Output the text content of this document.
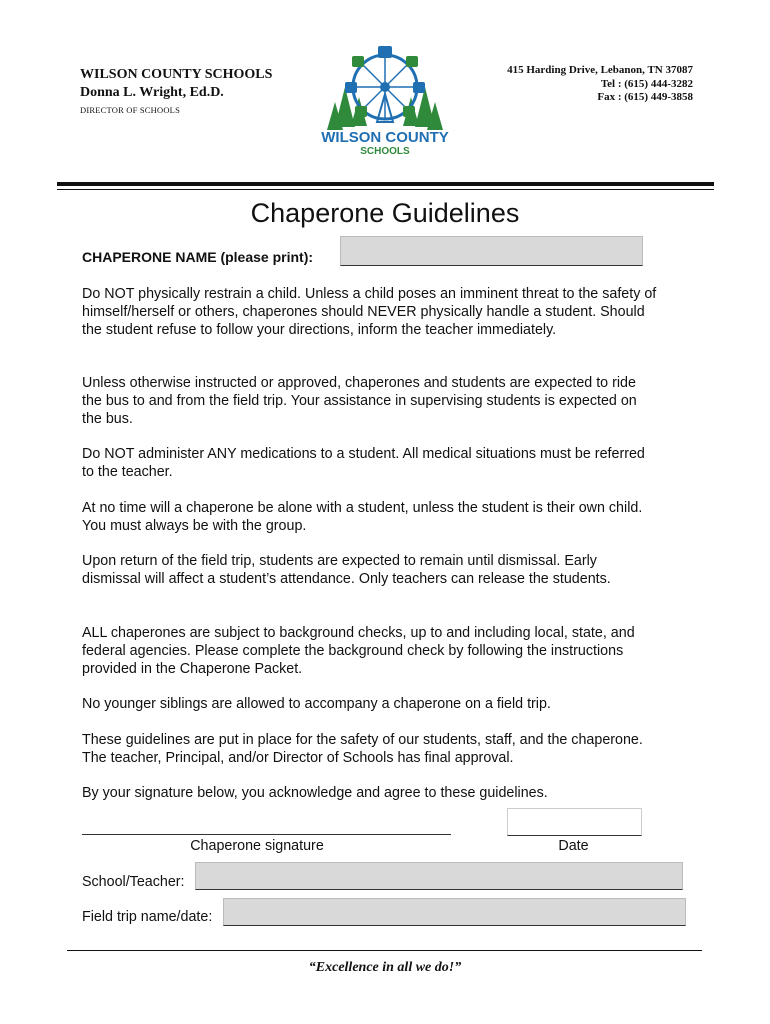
WILSON COUNTY SCHOOLS
Donna L. Wright, Ed.D.
DIRECTOR OF SCHOOLS
WILSON COUNTY
SCHOOLS
415 Harding Drive, Lebanon, TN 37087
Tel : (615) 444-3282
Fax : (615) 449-3858
Chaperone Guidelines
CHAPERONE NAME (please print):

Do NOT physically restrain a child. Unless a child poses an imminent threat to the safety of himself/herself or others, chaperones should NEVER physically handle a student. Should the student refuse to follow your directions, inform the teacher immediately.

Unless otherwise instructed or approved, chaperones and students are expected to ride the bus to and from the field trip. Your assistance in supervising students is expected on the bus.

Do NOT administer ANY medications to a student. All medical situations must be referred to the teacher.

At no time will a chaperone be alone with a student, unless the student is their own child. You must always be with the group.

Upon return of the field trip, students are expected to remain until dismissal. Early dismissal will affect a student’s attendance. Only teachers can release the students.

ALL chaperones are subject to background checks, up to and including local, state, and federal agencies. Please complete the background check by following the instructions provided in the Chaperone Packet.

No younger siblings are allowed to accompany a chaperone on a field trip.

These guidelines are put in place for the safety of our students, staff, and the chaperone. The teacher, Principal, and/or Director of Schools has final approval.

By your signature below, you acknowledge and agree to these guidelines.

Chaperone signature	Date
School/Teacher:
Field trip name/date:
“Excellence in all we do!”
